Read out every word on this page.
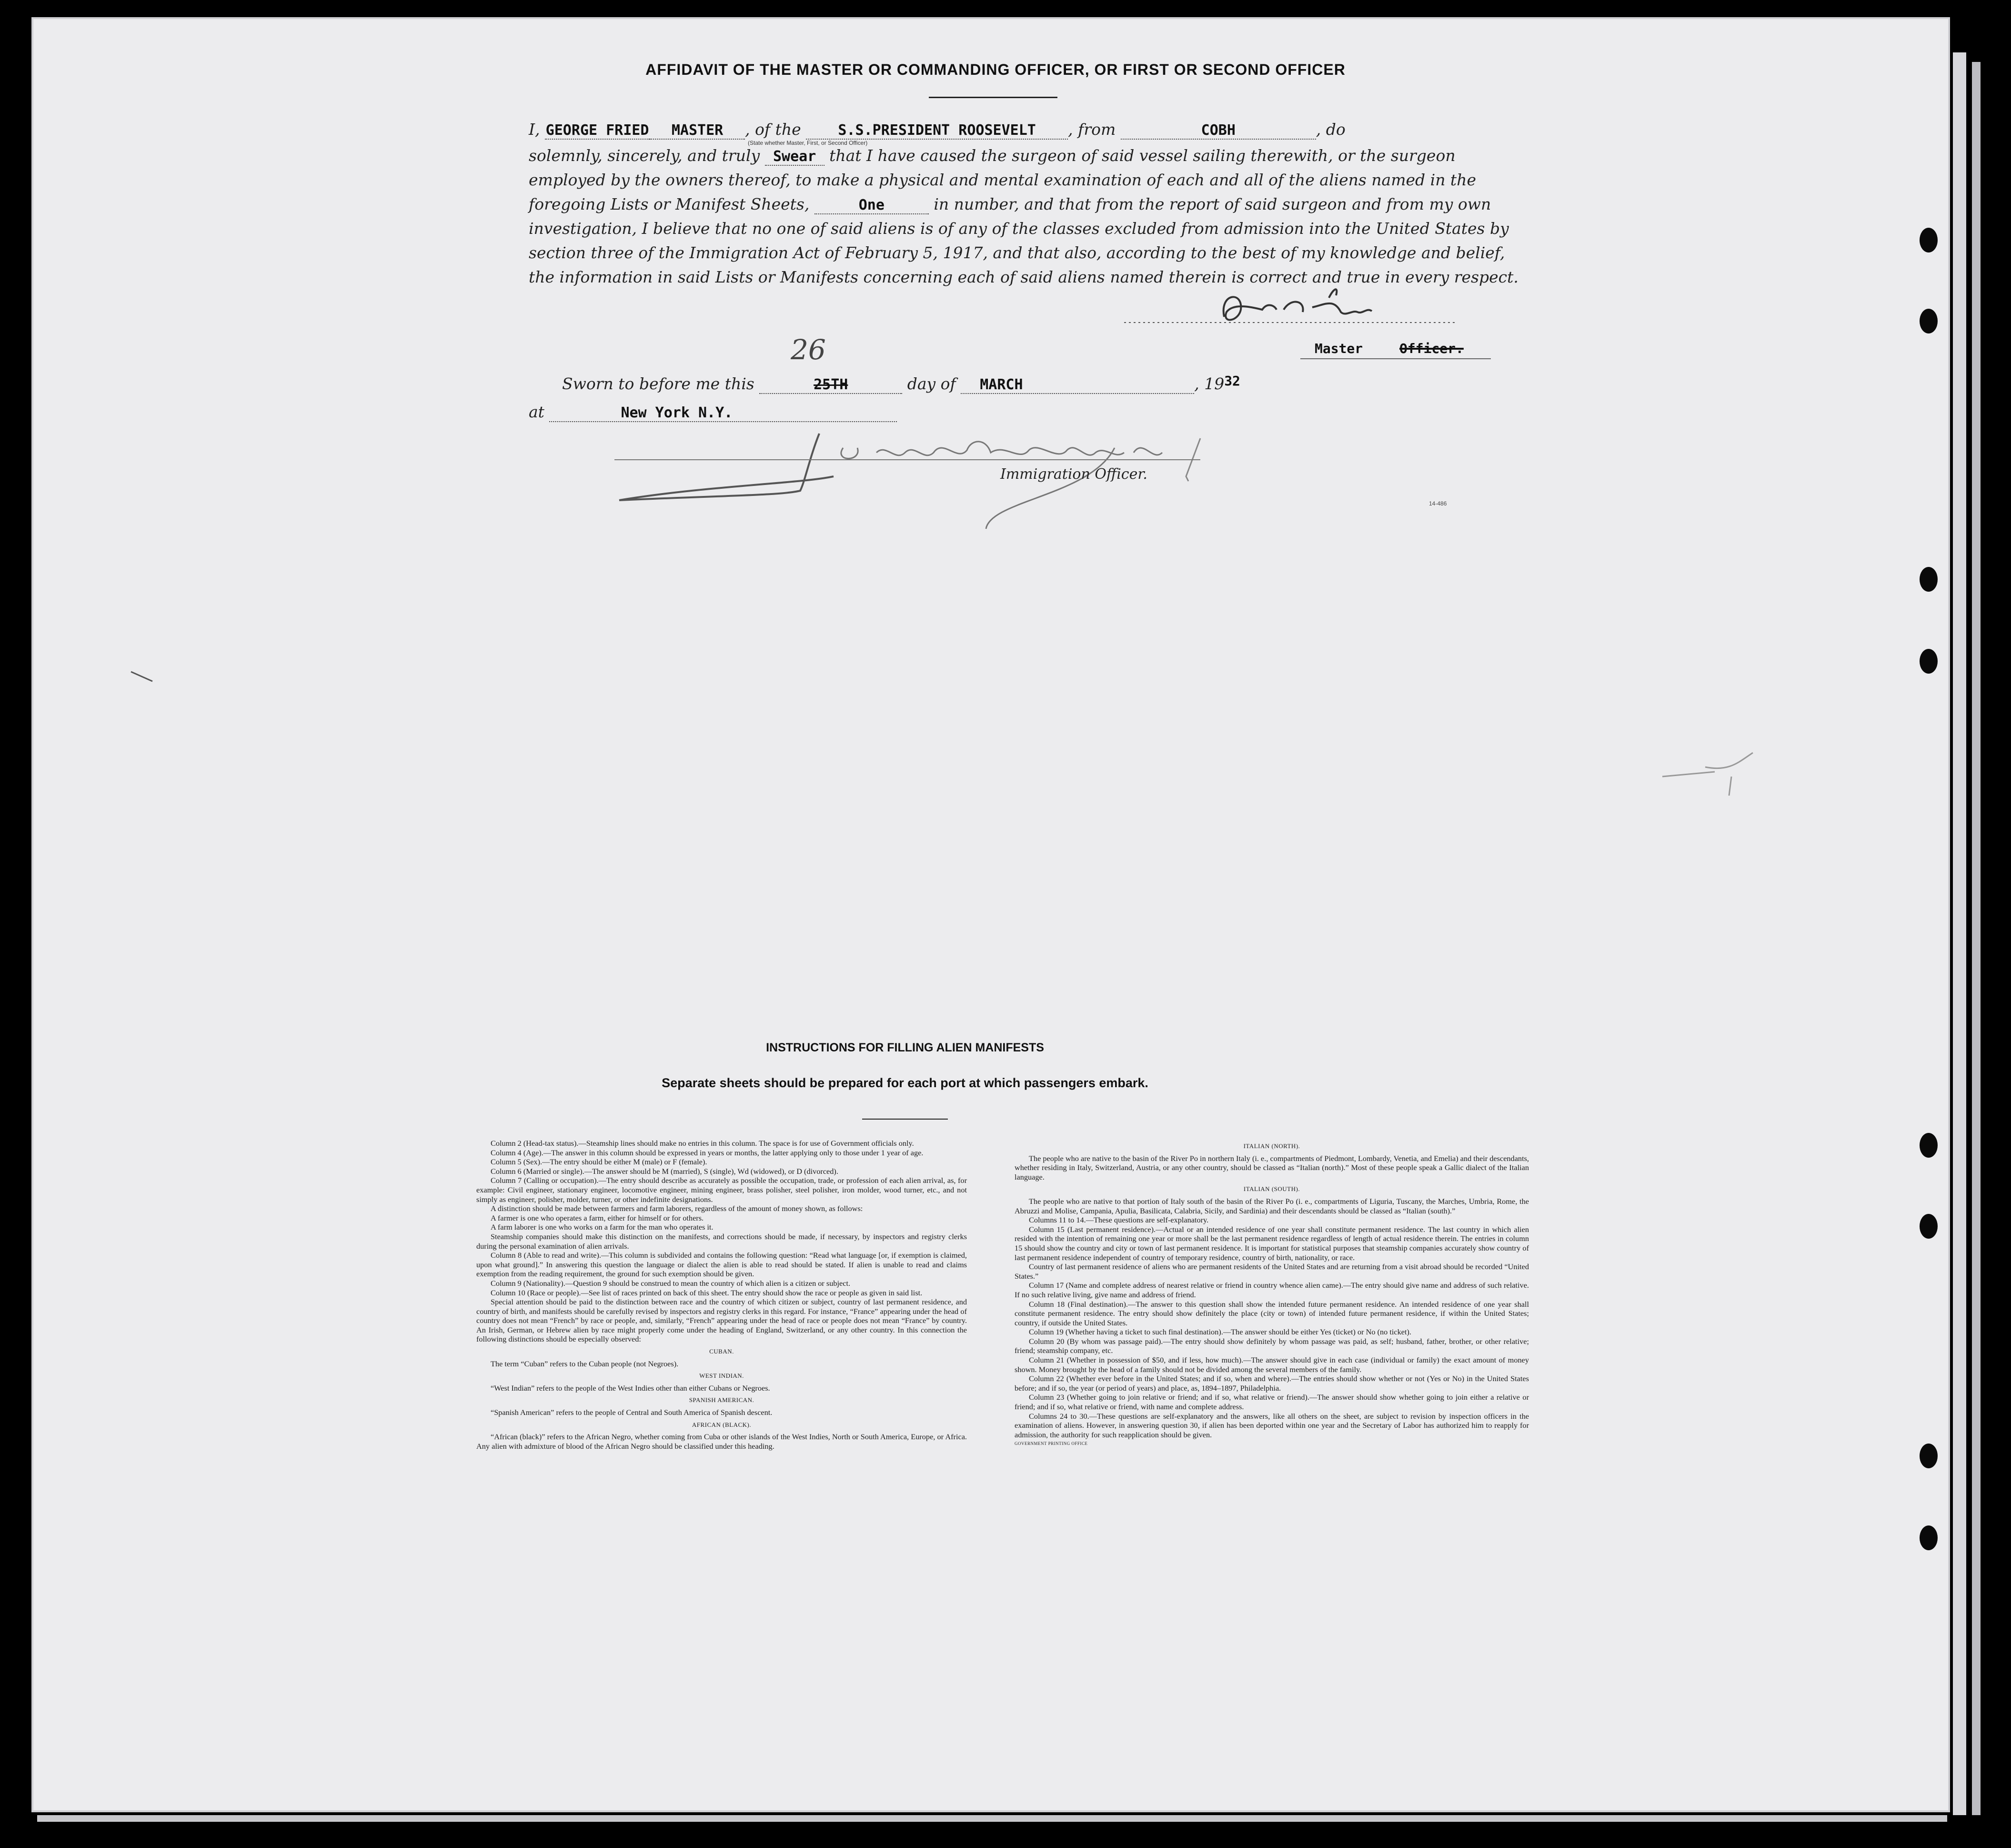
AFFIDAVIT OF THE MASTER OR COMMANDING OFFICER, OR FIRST OR SECOND OFFICER
I, GEORGE FRIED MASTER , of the	S.S.PRESIDENT ROOSEVELT , from	COBH	, do
(State whether Master, First, or Second Officer)
solemnly, sincerely, and truly Swear that I have caused the surgeon of said vessel sailing therewith, or the surgeon
employed by the owners thereof, to make a physical and mental examination of each and all of the aliens named in the
foregoing Lists or Manifest Sheets,	One	in number, and that from the report of said surgeon and from my own
investigation, I believe that no one of said aliens is of any of the classes excluded from admission into the United States by
section three of the Immigration Act of February 5, 1917, and that also, according to the best of my knowledge and belief,
the information in said Lists or Manifests concerning each of said aliens named therein is correct and true in every respect.
Master	Officer.
Sworn to before me this	25TH	day of MARCH	, 1932
26
at	New York N.Y.
Immigration Officer.
14-486
INSTRUCTIONS FOR FILLING ALIEN MANIFESTS
Separate sheets should be prepared for each port at which passengers embark.

Column 2 (Head-tax status).—Steamship lines should make no entries in this column. The space is for use of Government officials only.

Column 4 (Age).—The answer in this column should be expressed in years or months, the latter applying only to those under 1 year of age.

Column 5 (Sex).—The entry should be either M (male) or F (female).

Column 6 (Married or single).—The answer should be M (married), S (single), Wd (widowed), or D (divorced).

Column 7 (Calling or occupation).—The entry should describe as accurately as possible the occupation, trade, or profession of each alien arrival, as, for example: Civil engineer, stationary engineer, locomotive engineer, mining engineer, brass polisher, steel polisher, iron molder, wood turner, etc., and not simply as engineer, polisher, molder, turner, or other indefinite designations.

A distinction should be made between farmers and farm laborers, regardless of the amount of money shown, as follows:

A farmer is one who operates a farm, either for himself or for others.

A farm laborer is one who works on a farm for the man who operates it.

Steamship companies should make this distinction on the manifests, and corrections should be made, if necessary, by inspectors and registry clerks during the personal examination of alien arrivals.

Column 8 (Able to read and write).—This column is subdivided and contains the following question: “Read what language [or, if exemption is claimed, upon what ground].” In answering this question the language or dialect the alien is able to read should be stated. If alien is unable to read and claims exemption from the reading requirement, the ground for such exemption should be given.

Column 9 (Nationality).—Question 9 should be construed to mean the country of which alien is a citizen or subject.

Column 10 (Race or people).—See list of races printed on back of this sheet. The entry should show the race or people as given in said list.

Special attention should be paid to the distinction between race and the country of which citizen or subject, country of last permanent residence, and country of birth, and manifests should be carefully revised by inspectors and registry clerks in this regard. For instance, “France” appearing under the head of country does not mean “French” by race or people, and, similarly, “French” appearing under the head of race or people does not mean “France” by country. An Irish, German, or Hebrew alien by race might properly come under the heading of England, Switzerland, or any other country. In this connection the following distinctions should be especially observed:

CUBAN.

The term “Cuban” refers to the Cuban people (not Negroes).

WEST INDIAN.

“West Indian” refers to the people of the West Indies other than either Cubans or Negroes.

SPANISH AMERICAN.

“Spanish American” refers to the people of Central and South America of Spanish descent.

AFRICAN (BLACK).

“African (black)” refers to the African Negro, whether coming from Cuba or other islands of the West Indies, North or South America, Europe, or Africa. Any alien with admixture of blood of the African Negro should be classified under this heading.

ITALIAN (NORTH).

The people who are native to the basin of the River Po in northern Italy (i. e., compartments of Piedmont, Lombardy, Venetia, and Emelia) and their descendants, whether residing in Italy, Switzerland, Austria, or any other country, should be classed as “Italian (north).” Most of these people speak a Gallic dialect of the Italian language.

ITALIAN (SOUTH).

The people who are native to that portion of Italy south of the basin of the River Po (i. e., compartments of Liguria, Tuscany, the Marches, Umbria, Rome, the Abruzzi and Molise, Campania, Apulia, Basilicata, Calabria, Sicily, and Sardinia) and their descendants should be classed as “Italian (south).”

Columns 11 to 14.—These questions are self-explanatory.

Column 15 (Last permanent residence).—Actual or an intended residence of one year shall constitute permanent residence. The last country in which alien resided with the intention of remaining one year or more shall be the last permanent residence regardless of length of actual residence therein. The entries in column 15 should show the country and city or town of last permanent residence. It is important for statistical purposes that steamship companies accurately show country of last permanent residence independent of country of temporary residence, country of birth, nationality, or race.

Country of last permanent residence of aliens who are permanent residents of the United States and are returning from a visit abroad should be recorded “United States.”

Column 17 (Name and complete address of nearest relative or friend in country whence alien came).—The entry should give name and address of such relative. If no such relative living, give name and address of friend.

Column 18 (Final destination).—The answer to this question shall show the intended future permanent residence. An intended residence of one year shall constitute permanent residence. The entry should show definitely the place (city or town) of intended future permanent residence, if within the United States; country, if outside the United States.

Column 19 (Whether having a ticket to such final destination).—The answer should be either Yes (ticket) or No (no ticket).

Column 20 (By whom was passage paid).—The entry should show definitely by whom passage was paid, as self; husband, father, brother, or other relative; friend; steamship company, etc.

Column 21 (Whether in possession of $50, and if less, how much).—The answer should give in each case (individual or family) the exact amount of money shown. Money brought by the head of a family should not be divided among the several members of the family.

Column 22 (Whether ever before in the United States; and if so, when and where).—The entries should show whether or not (Yes or No) in the United States before; and if so, the year (or period of years) and place, as, 1894–1897, Philadelphia.

Column 23 (Whether going to join relative or friend; and if so, what relative or friend).—The answer should show whether going to join either a relative or friend; and if so, what relative or friend, with name and complete address.

Columns 24 to 30.—These questions are self-explanatory and the answers, like all others on the sheet, are subject to revision by inspection officers in the examination of aliens. However, in answering question 30, if alien has been deported within one year and the Secretary of Labor has authorized him to reapply for admission, the authority for such reapplication should be given.

GOVERNMENT PRINTING OFFICE
